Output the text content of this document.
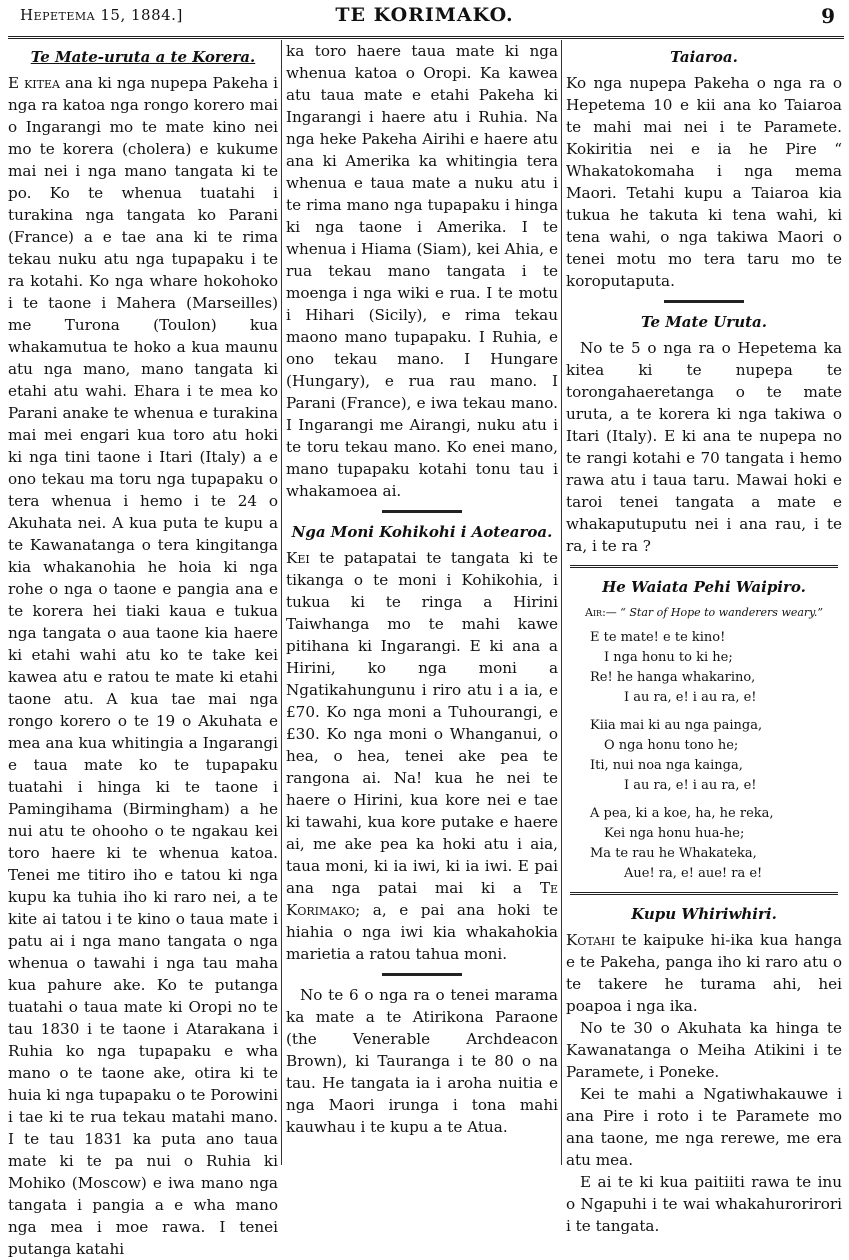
Hepetema 15, 1884.]	TE KORIMAKO.	9
Te Mate-uruta a te Korera.

E kitea ana ki nga nupepa Pakeha i nga ra katoa nga rongo korero mai o Ingarangi mo te mate kino nei mo te korera (cholera) e kukume mai nei i nga mano tangata ki te po. Ko te whenua tuatahi i turakina nga tangata ko Parani (France) a e tae ana ki te rima tekau nuku atu nga tupapaku i te ra kotahi. Ko nga whare hokohoko i te taone i Mahera (Marseilles) me Turona (Toulon) kua whakamutua te hoko a kua maunu atu nga mano, mano tangata ki etahi atu wahi. Ehara i te mea ko Parani anake te whenua e turakina mai mei engari kua toro atu hoki ki nga tini taone i Itari (Italy) a e ono tekau ma toru nga tupapaku o tera whenua i hemo i te 24 o Akuhata nei. A kua puta te kupu a te Kawanatanga o tera kingitanga kia whakanohia he hoia ki nga rohe o nga o taone e pangia ana e te korera hei tiaki kaua e tukua nga tangata o aua taone kia haere ki etahi wahi atu ko te take kei kawea atu e ratou te mate ki etahi taone atu. A kua tae mai nga rongo korero o te 19 o Akuhata e mea ana kua whitingia a Ingarangi e taua mate ko te tupapaku tuatahi i hinga ki te taone i Pamingihama (Birmingham) a he nui atu te ohooho o te ngakau kei toro haere ki te whenua katoa. Tenei me titiro iho e tatou ki nga kupu ka tuhia iho ki raro nei, a te kite ai tatou i te kino o taua mate i patu ai i nga mano tangata o nga whenua o tawahi i nga tau maha kua pahure ake. Ko te putanga tuatahi o taua mate ki Oropi no te tau 1830 i te taone i Atarakana i Ruhia ko nga tupapaku e wha mano o te taone ake, otira ki te huia ki nga tupapaku o te Porowini i tae ki te rua tekau matahi mano. I te tau 1831 ka puta ano taua mate ki te pa nui o Ruhia ki Mohiko (Moscow) e iwa mano nga tangata i pangia a e wha mano nga mea i moe rawa. I tenei putanga katahi

ka toro haere taua mate ki nga whenua katoa o Oropi. Ka kawea atu taua mate e etahi Pakeha ki Ingarangi i haere atu i Ruhia. Na nga heke Pakeha Airihi e haere atu ana ki Amerika ka whitingia tera whenua e taua mate a nuku atu i te rima mano nga tupapaku i hinga ki nga taone i Amerika. I te whenua i Hiama (Siam), kei Ahia, e rua tekau mano tangata i te moenga i nga wiki e rua. I te motu i Hihari (Sicily), e rima tekau maono mano tupapaku. I Ruhia, e ono tekau mano. I Hungare (Hungary), e rua rau mano. I Parani (France), e iwa tekau mano. I Ingarangi me Airangi, nuku atu i te toru tekau mano. Ko enei mano, mano tupapaku kotahi tonu tau i whakamoea ai.

Nga Moni Kohikohi i Aotearoa.

Kei te patapatai te tangata ki te tikanga o te moni i Kohikohia, i tukua ki te ringa a Hirini Taiwhanga mo te mahi kawe pitihana ki Ingarangi. E ki ana a Hirini, ko nga moni a Ngatikahungunu i riro atu i a ia, e £70. Ko nga moni a Tuhourangi, e £30. Ko nga moni o Whanganui, o hea, o hea, tenei ake pea te rangona ai. Na! kua he nei te haere o Hirini, kua kore nei e tae ki tawahi, kua kore putake e haere ai, me ake pea ka hoki atu i aia, taua moni, ki ia iwi, ki ia iwi. E pai ana nga patai mai ki a Te Korimako; a, e pai ana hoki te hiahia o nga iwi kia whakahokia marietia a ratou tahua moni.

No te 6 o nga ra o tenei marama ka mate a te Atirikona Paraone (the Venerable Archdeacon Brown), ki Tauranga i te 80 o na tau. He tangata ia i aroha nuitia e nga Maori irunga i tona mahi kauwhau i te kupu a te Atua.

Taiaroa.

Ko nga nupepa Pakeha o nga ra o Hepetema 10 e kii ana ko Taiaroa te mahi mai nei i te Paramete. Kokiritia nei e ia he Pire “ Whakatokomaha i nga mema Maori. Tetahi kupu a Taiaroa kia tukua he takuta ki tena wahi, ki tena wahi, o nga takiwa Maori o tenei motu mo tera taru mo te koroputaputa.

Te Mate Uruta.

No te 5 o nga ra o Hepetema ka kitea ki te nupepa te torongahaeretanga o te mate uruta, a te korera ki nga takiwa o Itari (Italy). E ki ana te nupepa no te rangi kotahi e 70 tangata i hemo rawa atu i taua taru. Mawai hoki e taroi tenei tangata a mate e whakaputuputu nei i ana rau, i te ra, i te ra ?

He Waiata Pehi Waipiro.
Air:— “ Star of Hope to wanderers weary.”
E te mate! e te kino!
I nga honu to ki he;
Re! he hanga whakarino,
I au ra, e! i au ra, e!
Kiia mai ki au nga painga,
O nga honu tono he;
Iti, nui noa nga kainga,
I au ra, e! i au ra, e!
A pea, ki a koe, ha, he reka,
Kei nga honu hua-he;
Ma te rau he Whakateka,
Aue! ra, e! aue! ra e!
Kupu Whiriwhiri.

Kotahi te kaipuke hi-ika kua hanga e te Pakeha, panga iho ki raro atu o te takere he turama ahi, hei poapoa i nga ika.

No te 30 o Akuhata ka hinga te Kawanatanga o Meiha Atikini i te Paramete, i Poneke.

Kei te mahi a Ngatiwhakauwe i ana Pire i roto i te Paramete mo ana taone, me nga rerewe, me era atu mea.

E ai te ki kua paitiiti rawa te inu o Ngapuhi i te wai whakahurorirori i te tangata.
